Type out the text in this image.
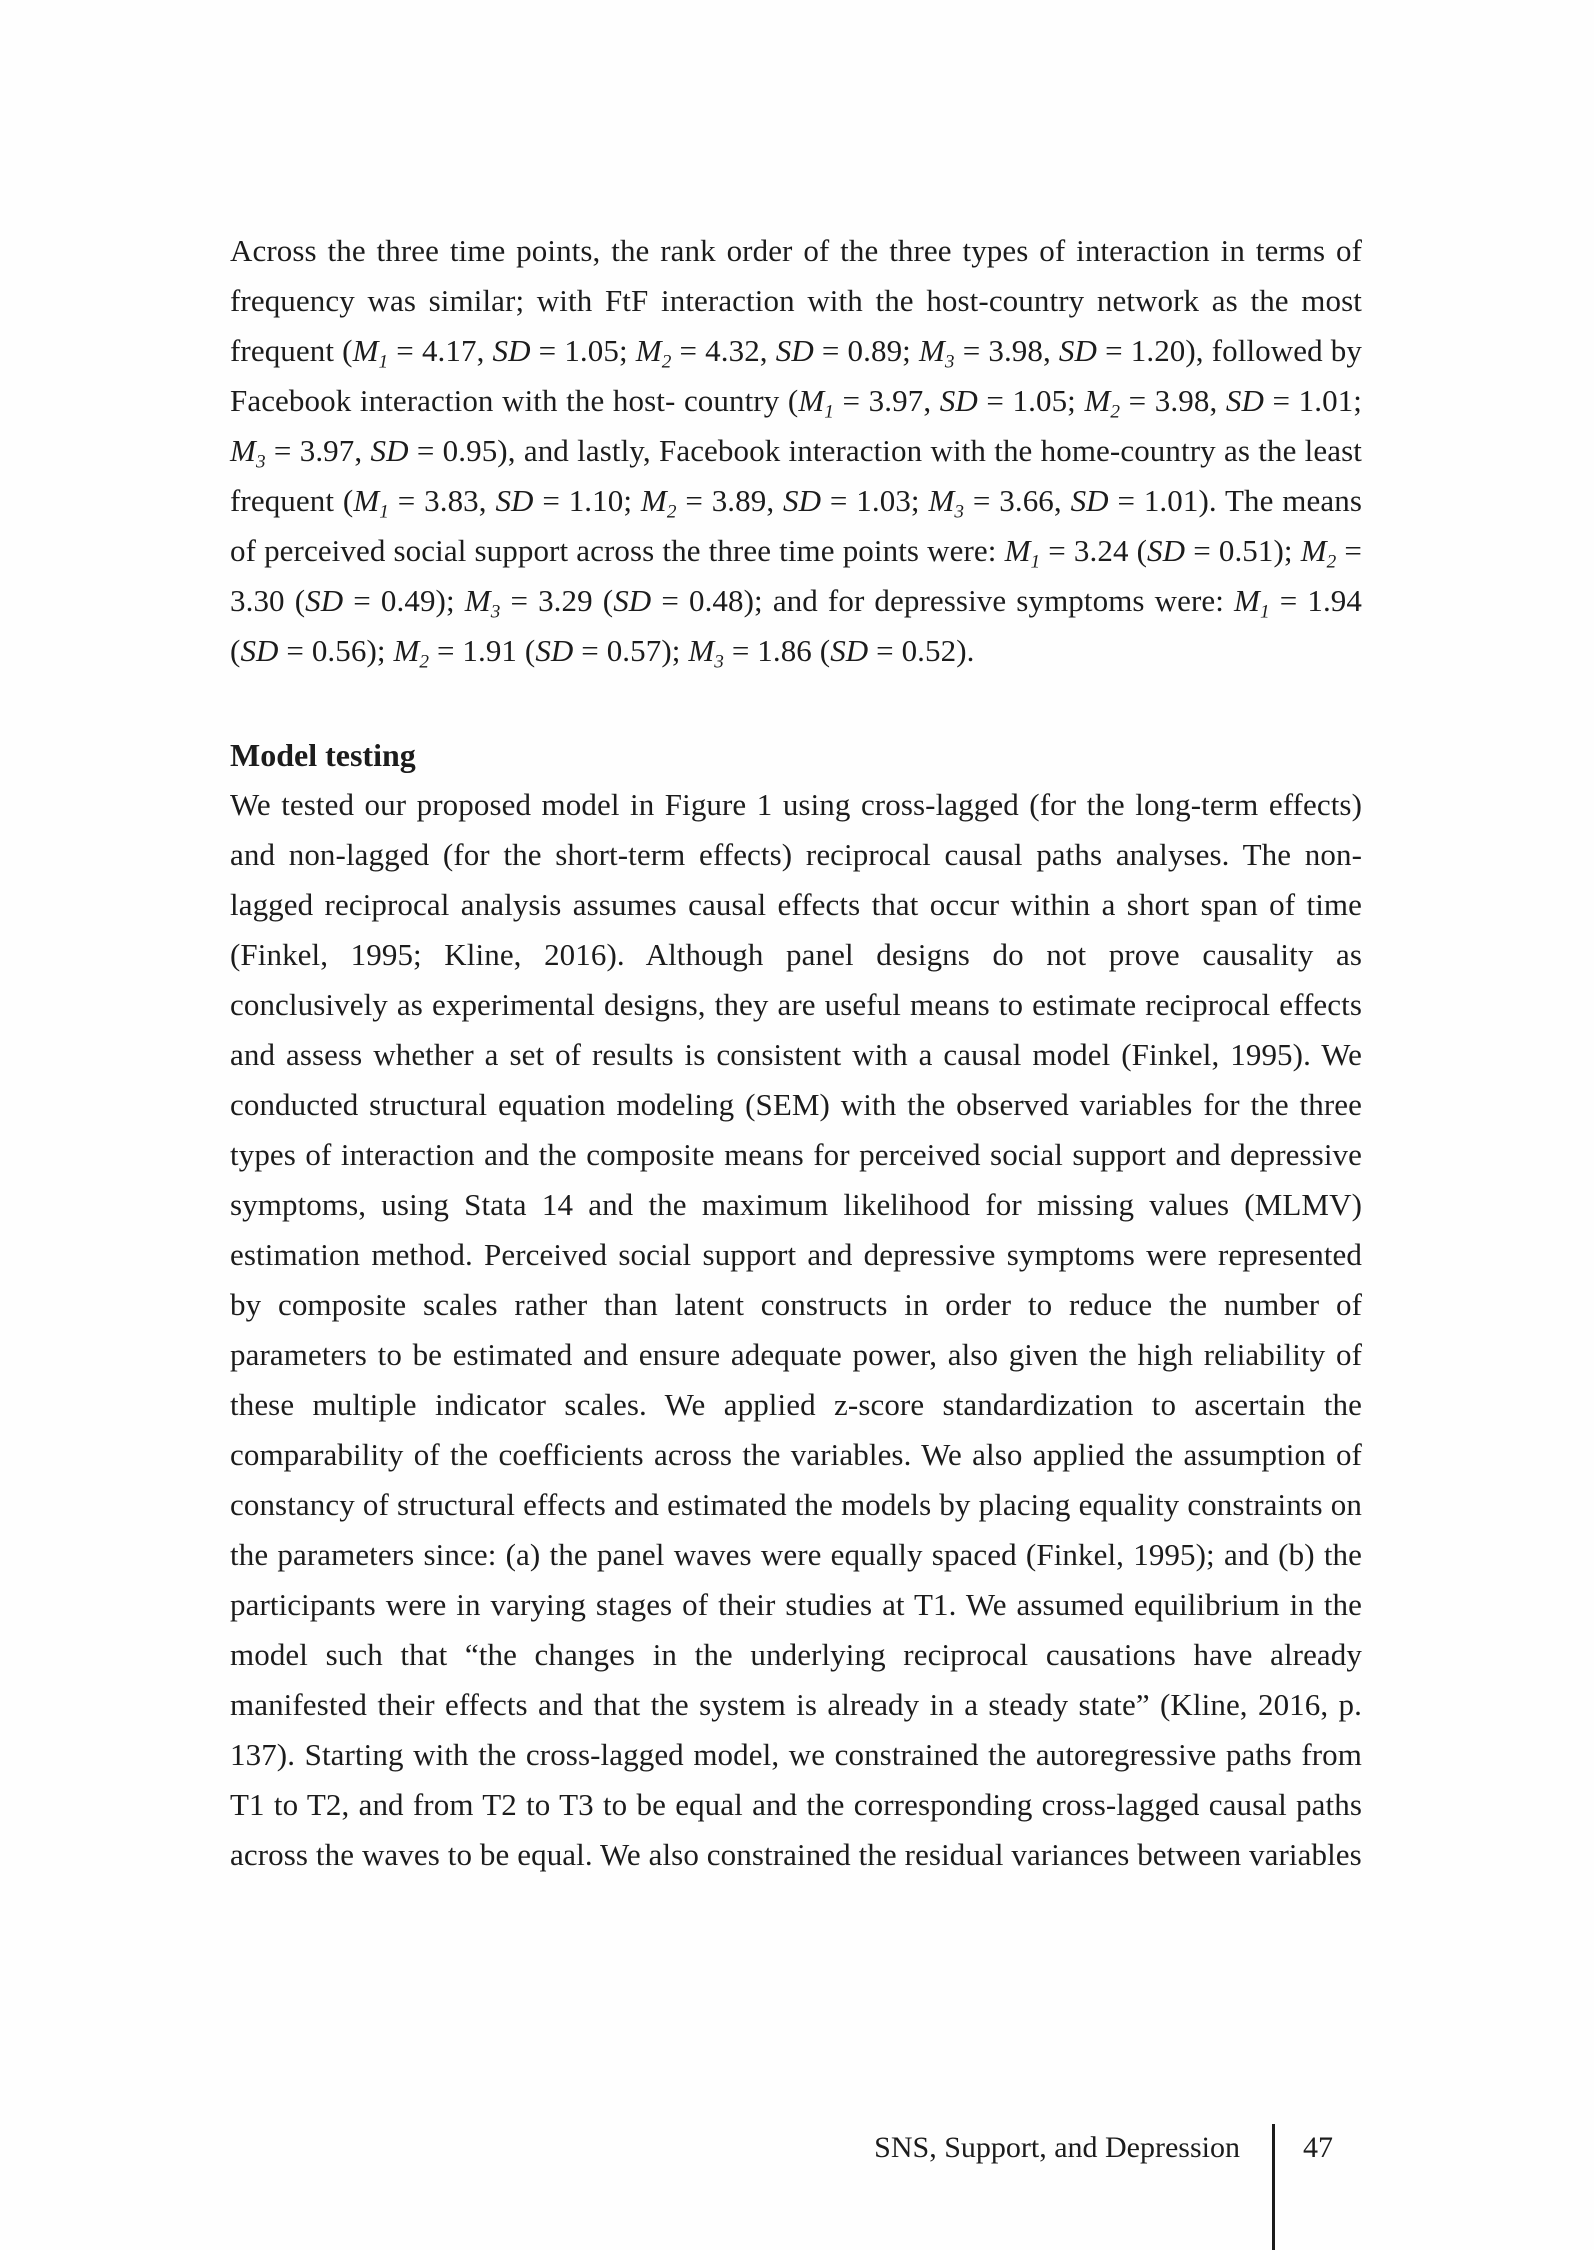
Across the three time points, the rank order of the three types of interaction in terms of frequency was similar; with FtF interaction with the host-country network as the most frequent ($M_1 = 4.17$, SD = 1.05; $M_2 = 4.32$, SD = 0.89; $M_3 = 3.98$, SD = 1.20), followed by Facebook interaction with the host- country ($M_1 = 3.97$, SD = 1.05; $M_2 = 3.98$, SD = 1.01; $M_3 = 3.97$, SD = 0.95), and lastly, Facebook interaction with the home-country as the least frequent ($M_1 = 3.83$, SD = 1.10; $M_2 = 3.89$, SD = 1.03; $M_3 = 3.66$, SD = 1.01). The means of perceived social support across the three time points were: $M_1 = 3.24$ (SD = 0.51); $M_2 = 3.30$ (SD = 0.49); $M_3 = 3.29$ (SD = 0.48); and for depressive symptoms were: $M_1 = 1.94$ (SD = 0.56); $M_2 = 1.91$ (SD = 0.57); $M_3 = 1.86$ (SD = 0.52).

Model testing

We tested our proposed model in Figure 1 using cross-lagged (for the long-term effects) and non-lagged (for the short-term effects) reciprocal causal paths analyses. The non-lagged reciprocal analysis assumes causal effects that occur within a short span of time (Finkel, 1995; Kline, 2016). Although panel designs do not prove causality as conclusively as experimental designs, they are useful means to estimate reciprocal effects and assess whether a set of results is consistent with a causal model (Finkel, 1995). We conducted structural equation modeling (SEM) with the observed variables for the three types of interaction and the composite means for perceived social support and depressive symptoms, using Stata 14 and the maximum likelihood for missing values (MLMV) estimation method. Perceived social support and depressive symptoms were represented by composite scales rather than latent constructs in order to reduce the number of parameters to be estimated and ensure adequate power, also given the high reliability of these multiple indicator scales. We applied z-score standardization to ascertain the comparability of the coefficients across the variables. We also applied the assumption of constancy of structural effects and estimated the models by placing equality constraints on the parameters since: (a) the panel waves were equally spaced (Finkel, 1995); and (b) the participants were in varying stages of their studies at T1. We assumed equilibrium in the model such that “the changes in the underlying reciprocal causations have already manifested their effects and that the system is already in a steady state” (Kline, 2016, p. 137). Starting with the cross-lagged model, we constrained the autoregressive paths from T1 to T2, and from T2 to T3 to be equal and the corresponding cross-lagged causal paths across the waves to be equal. We also constrained the residual variances between variables

SNS, Support, and Depression 47
